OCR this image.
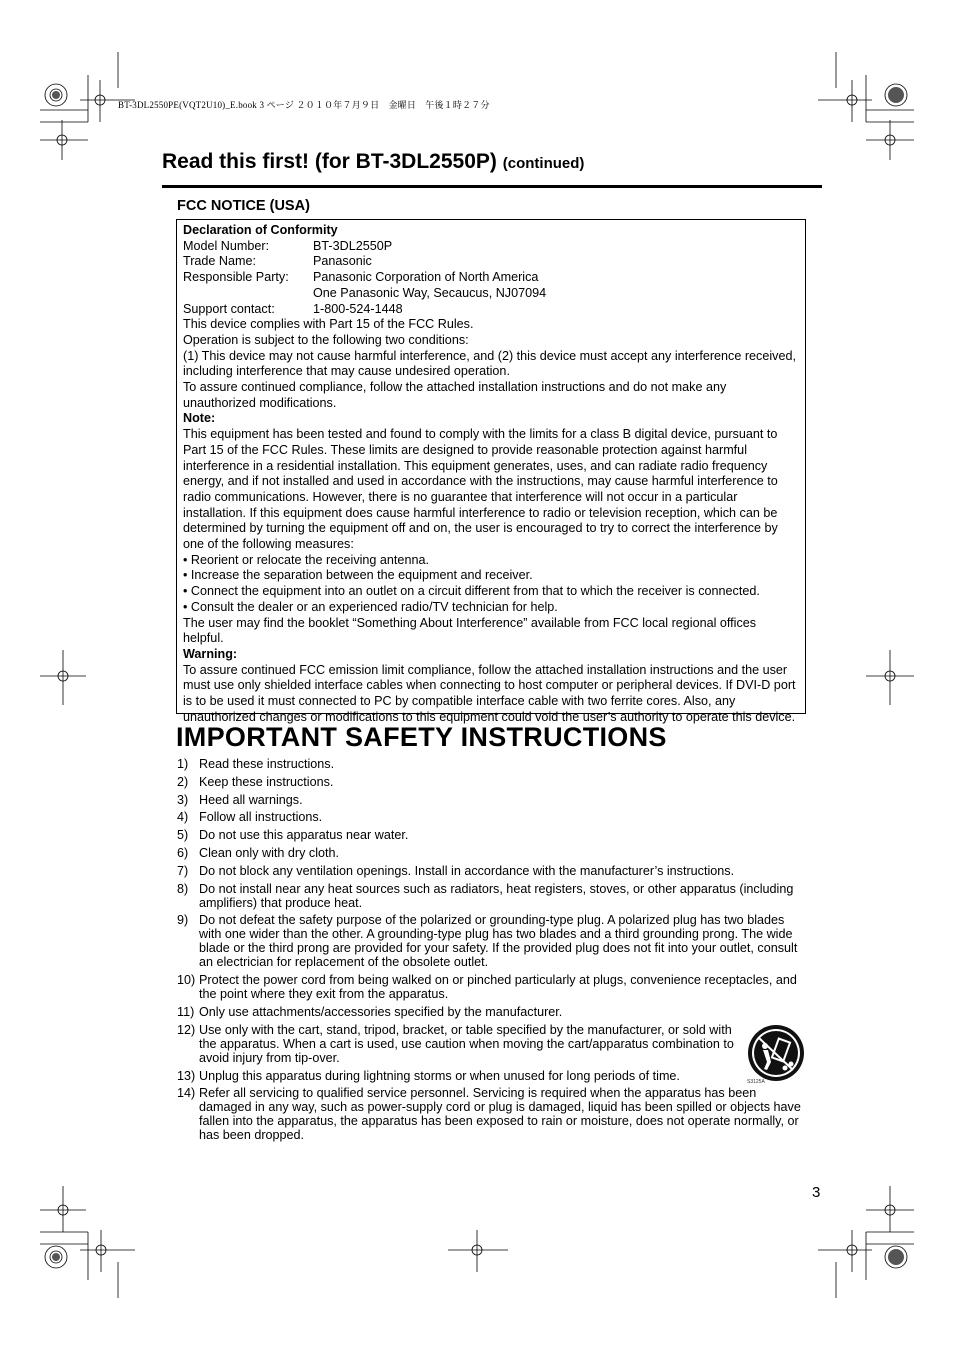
BT-3DL2550PE(VQT2U10)_E.book 3 ページ ２０１０年７月９日　金曜日　午後１時２７分
Read this first! (for BT-3DL2550P) (continued)
FCC NOTICE (USA)

Declaration of Conformity

Model Number:	BT-3DL2550P
Trade Name:	Panasonic
Responsible Party:	Panasonic Corporation of North America
One Panasonic Way, Secaucus, NJ07094
Support contact:	1-800-524-1448

This device complies with Part 15 of the FCC Rules.

Operation is subject to the following two conditions:

(1) This device may not cause harmful interference, and (2) this device must accept any interference received, including interference that may cause undesired operation.

To assure continued compliance, follow the attached installation instructions and do not make any unauthorized modifications.

Note:

This equipment has been tested and found to comply with the limits for a class B digital device, pursuant to Part 15 of the FCC Rules. These limits are designed to provide reasonable protection against harmful interference in a residential installation. This equipment generates, uses, and can radiate radio frequency energy, and if not installed and used in accordance with the instructions, may cause harmful interference to radio communications. However, there is no guarantee that interference will not occur in a particular installation. If this equipment does cause harmful interference to radio or television reception, which can be determined by turning the equipment off and on, the user is encouraged to try to correct the interference by one of the following measures:

• Reorient or relocate the receiving antenna.

• Increase the separation between the equipment and receiver.

• Connect the equipment into an outlet on a circuit different from that to which the receiver is connected.

• Consult the dealer or an experienced radio/TV technician for help.

The user may find the booklet “Something About Interference” available from FCC local regional offices helpful.

Warning:

To assure continued FCC emission limit compliance, follow the attached installation instructions and the user must use only shielded interface cables when connecting to host computer or peripheral devices. If DVI-D port is to be used it must connected to PC by compatible interface cable with two ferrite cores. Also, any unauthorized changes or modifications to this equipment could void the user’s authority to operate this device.

IMPORTANT SAFETY INSTRUCTIONS
1) Read these instructions.
2) Keep these instructions.
3) Heed all warnings.
4) Follow all instructions.
5) Do not use this apparatus near water.
6) Clean only with dry cloth.
7) Do not block any ventilation openings. Install in accordance with the manufacturer’s instructions.
8) Do not install near any heat sources such as radiators, heat registers, stoves, or other apparatus (including amplifiers) that produce heat.
9) Do not defeat the safety purpose of the polarized or grounding-type plug. A polarized plug has two blades with one wider than the other. A grounding-type plug has two blades and a third grounding prong. The wide blade or the third prong are provided for your safety. If the provided plug does not fit into your outlet, consult an electrician for replacement of the obsolete outlet.
10) Protect the power cord from being walked on or pinched particularly at plugs, convenience receptacles, and the point where they exit from the apparatus.
11) Only use attachments/accessories specified by the manufacturer.
12) Use only with the cart, stand, tripod, bracket, or table specified by the manufacturer, or sold with the apparatus. When a cart is used, use caution when moving the cart/apparatus combination to avoid injury from tip-over.
13) Unplug this apparatus during lightning storms or when unused for long periods of time.
14) Refer all servicing to qualified service personnel. Servicing is required when the apparatus has been damaged in any way, such as power-supply cord or plug is damaged, liquid has been spilled or objects have fallen into the apparatus, the apparatus has been exposed to rain or moisture, does not operate normally, or has been dropped.
S3125A
3
